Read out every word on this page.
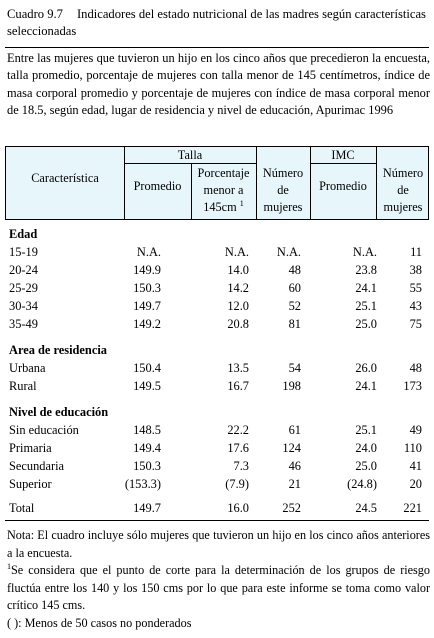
Cuadro 9.7 Indicadores del estado nutricional de las madres según características seleccionadas
Entre las mujeres que tuvieron un hijo en los cinco años que precedieron la encuesta, talla promedio, porcentaje de mujeres con talla menor de 145 centímetros, índice de masa corporal promedio y porcentaje de mujeres con índice de masa corporal menor de 18.5, según edad, lugar de residencia y nivel de educación, Apurimac 1996
Característica
Talla	IMC
Promedio
Porcentaje
menor a
145cm $^1$
Número
de
mujeres
Promedio
Número
de
mujeres
Edad
15-19	N.A.	N.A. N.A.	N.A.	11
20-24	149.9	14.0	48	23.8	38
25-29	150.3	14.2	60	24.1	55
30-34	149.7	12.0	52	25.1	43
35-49	149.2	20.8	81	25.0	75
Area de residencia
Urbana	150.4	13.5	54	26.0	48
Rural	149.5	16.7	198	24.1 173
Nivel de educación
Sin educación	148.5	22.2	61	25.1	49
Primaria	149.4	17.6	124	24.0 110
Secundaria	150.3	7.3	46	25.0	41
Superior	(153.3)	(7.9)	21	(24.8)	20
Total	149.7	16.0	252	24.5 221

Nota: El cuadro incluye sólo mujeres que tuvieron un hijo en los cinco años anteriores a la encuesta.

$^1$Se considera que el punto de corte para la determinación de los grupos de riesgo fluctúa entre los 140 y los 150 cms por lo que para este informe se toma como valor crítico 145 cms.

( ): Menos de 50 casos no ponderados
